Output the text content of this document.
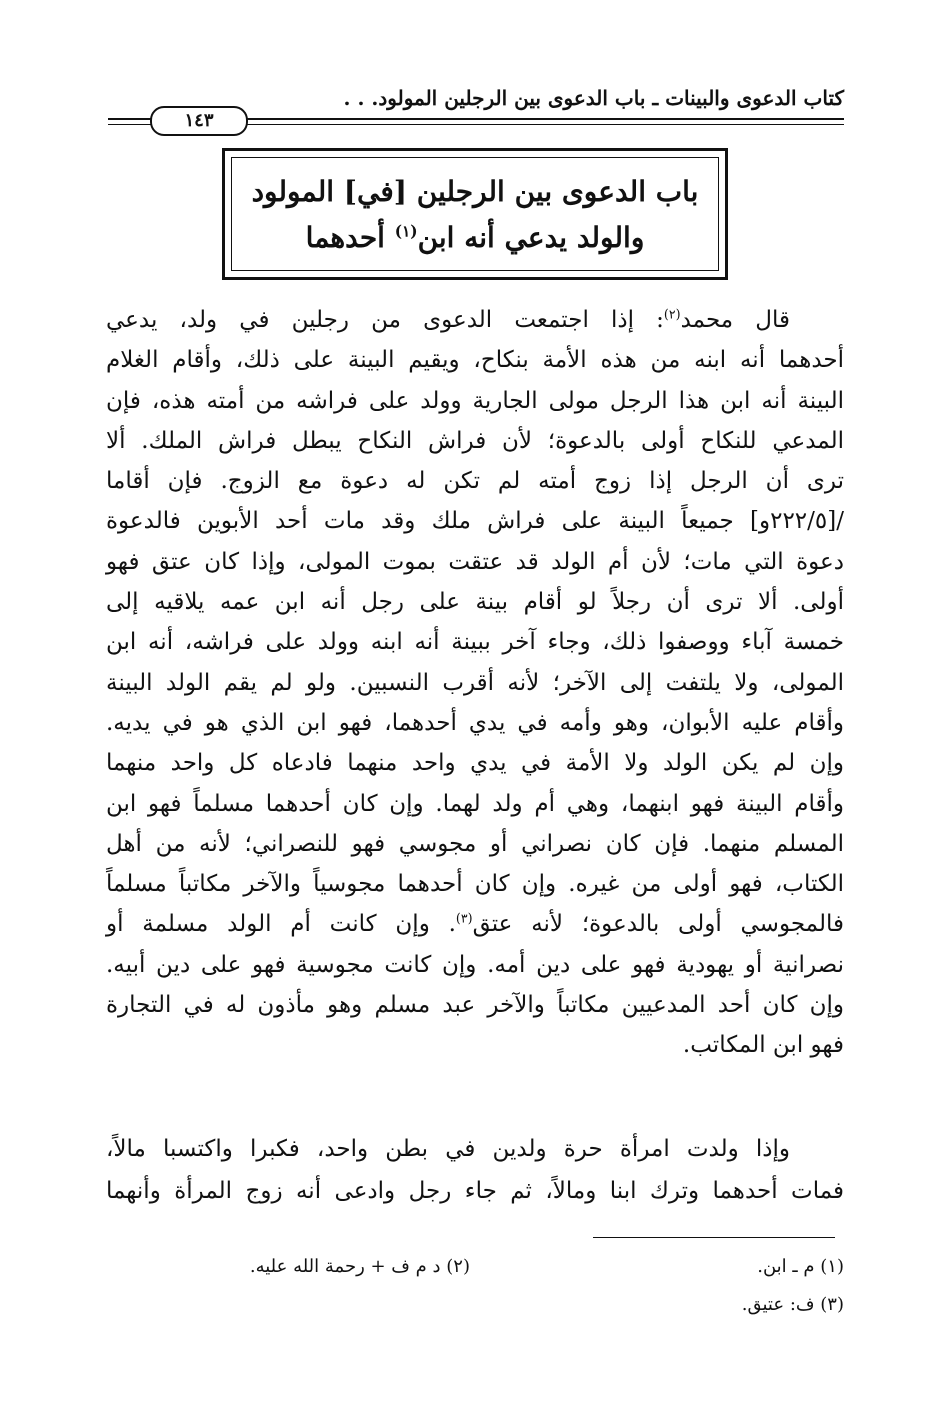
كتاب الدعوى والبينات ـ باب الدعوى بين الرجلين المولود. . .
١٤٣
باب الدعوى بين الرجلين [في] المولود
والولد يدعي أنه ابن$^{(١)}$ أحدهما

قال محمد$^{(٢)}$: إذا اجتمعت الدعوى من رجلين في ولد، يدعي

أحدهما أنه ابنه من هذه الأمة بنكاح، ويقيم البينة على ذلك، وأقام الغلام

البينة أنه ابن هذا الرجل مولى الجارية وولد على فراشه من أمته هذه، فإن

المدعي للنكاح أولى بالدعوة؛ لأن فراش النكاح يبطل فراش الملك. ألا

ترى أن الرجل إذا زوج أمته لم تكن له دعوة مع الزوج. فإن أقاما

/[٢٢٢/٥و] جميعاً البينة على فراش ملك وقد مات أحد الأبوين فالدعوة

دعوة التي مات؛ لأن أم الولد قد عتقت بموت المولى، وإذا كان عتق فهو

أولى. ألا ترى أن رجلاً لو أقام بينة على رجل أنه ابن عمه يلاقيه إلى

خمسة آباء ووصفوا ذلك، وجاء آخر ببينة أنه ابنه وولد على فراشه، أنه ابن

المولى، ولا يلتفت إلى الآخر؛ لأنه أقرب النسبين. ولو لم يقم الولد البينة

وأقام عليه الأبوان، وهو وأمه في يدي أحدهما، فهو ابن الذي هو في يديه.

وإن لم يكن الولد ولا الأمة في يدي واحد منهما فادعاه كل واحد منهما

وأقام البينة فهو ابنهما، وهي أم ولد لهما. وإن كان أحدهما مسلماً فهو ابن

المسلم منهما. فإن كان نصراني أو مجوسي فهو للنصراني؛ لأنه من أهل

الكتاب، فهو أولى من غيره. وإن كان أحدهما مجوسياً والآخر مكاتباً مسلماً

فالمجوسي أولى بالدعوة؛ لأنه عتق$^{(٣)}$. وإن كانت أم الولد مسلمة أو

نصرانية أو يهودية فهو على دين أمه. وإن كانت مجوسية فهو على دين أبيه.

وإن كان أحد المدعيين مكاتباً والآخر عبد مسلم وهو مأذون له في التجارة

فهو ابن المكاتب.

وإذا ولدت امرأة حرة ولدين في بطن واحد، فكبرا واكتسبا مالاً،

فمات أحدهما وترك ابنا ومالاً، ثم جاء رجل وادعى أنه زوج المرأة وأنهما

(١) م ـ ابن.
(٢) د م ف + رحمة الله عليه.
(٣) ف: عتيق.
